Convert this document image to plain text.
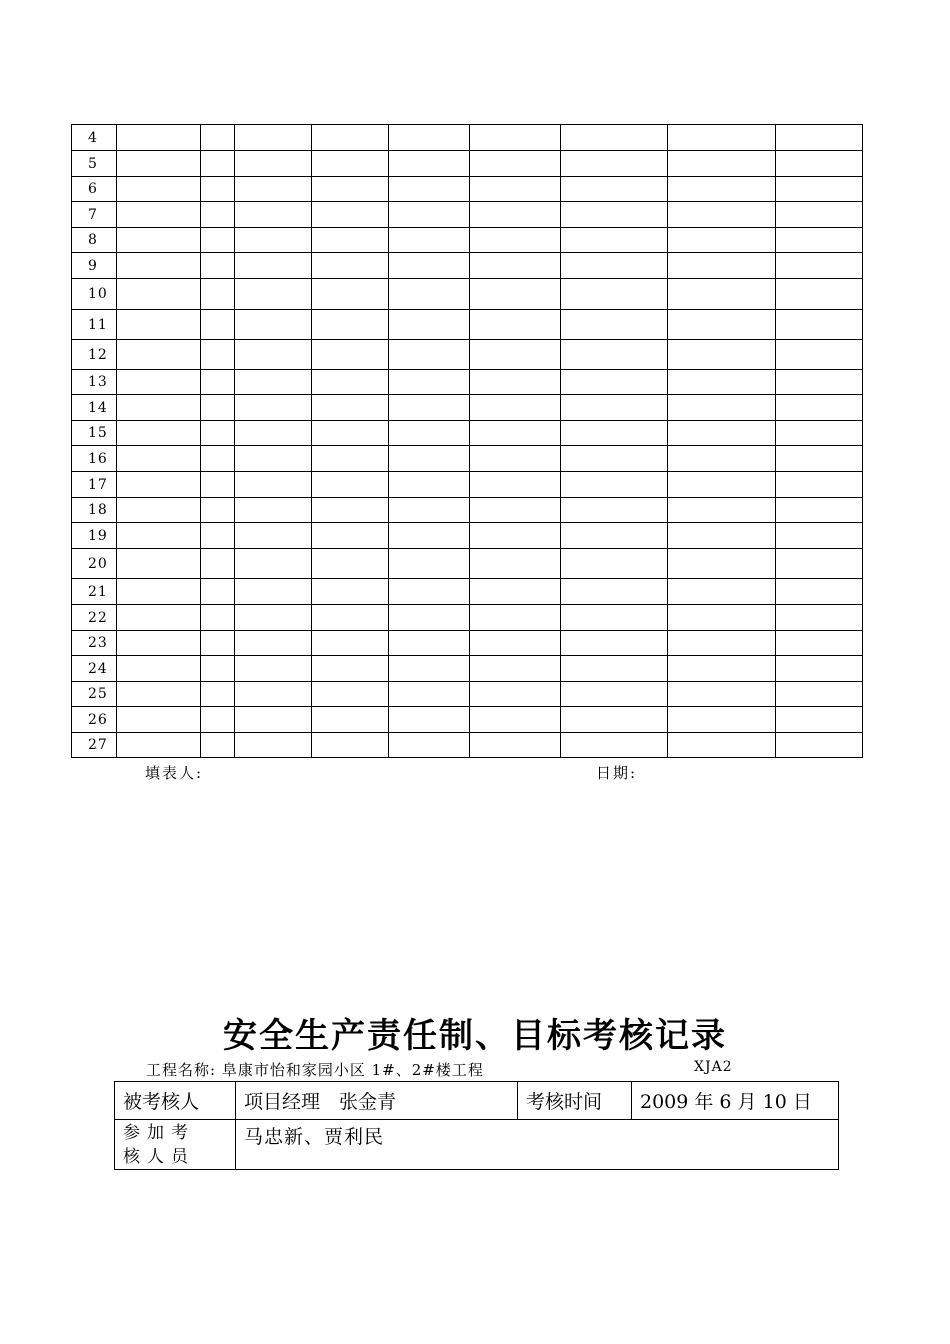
4									
5									
6									
7									
8									
9									
10									
11									
12									
13									
14									
15									
16									
17									
18									
19									
20									
21									
22									
23									
24									
25									
26									
27									
填表人:	日期:
安全生产责任制、目标考核记录
工程名称: 阜康市怡和家园小区 1#、2#楼工程	XJA2
被考核人	项目经理　张金青	考核时间	2009 年 6 月 10 日

参加考
核人员	马忠新、贾利民		
